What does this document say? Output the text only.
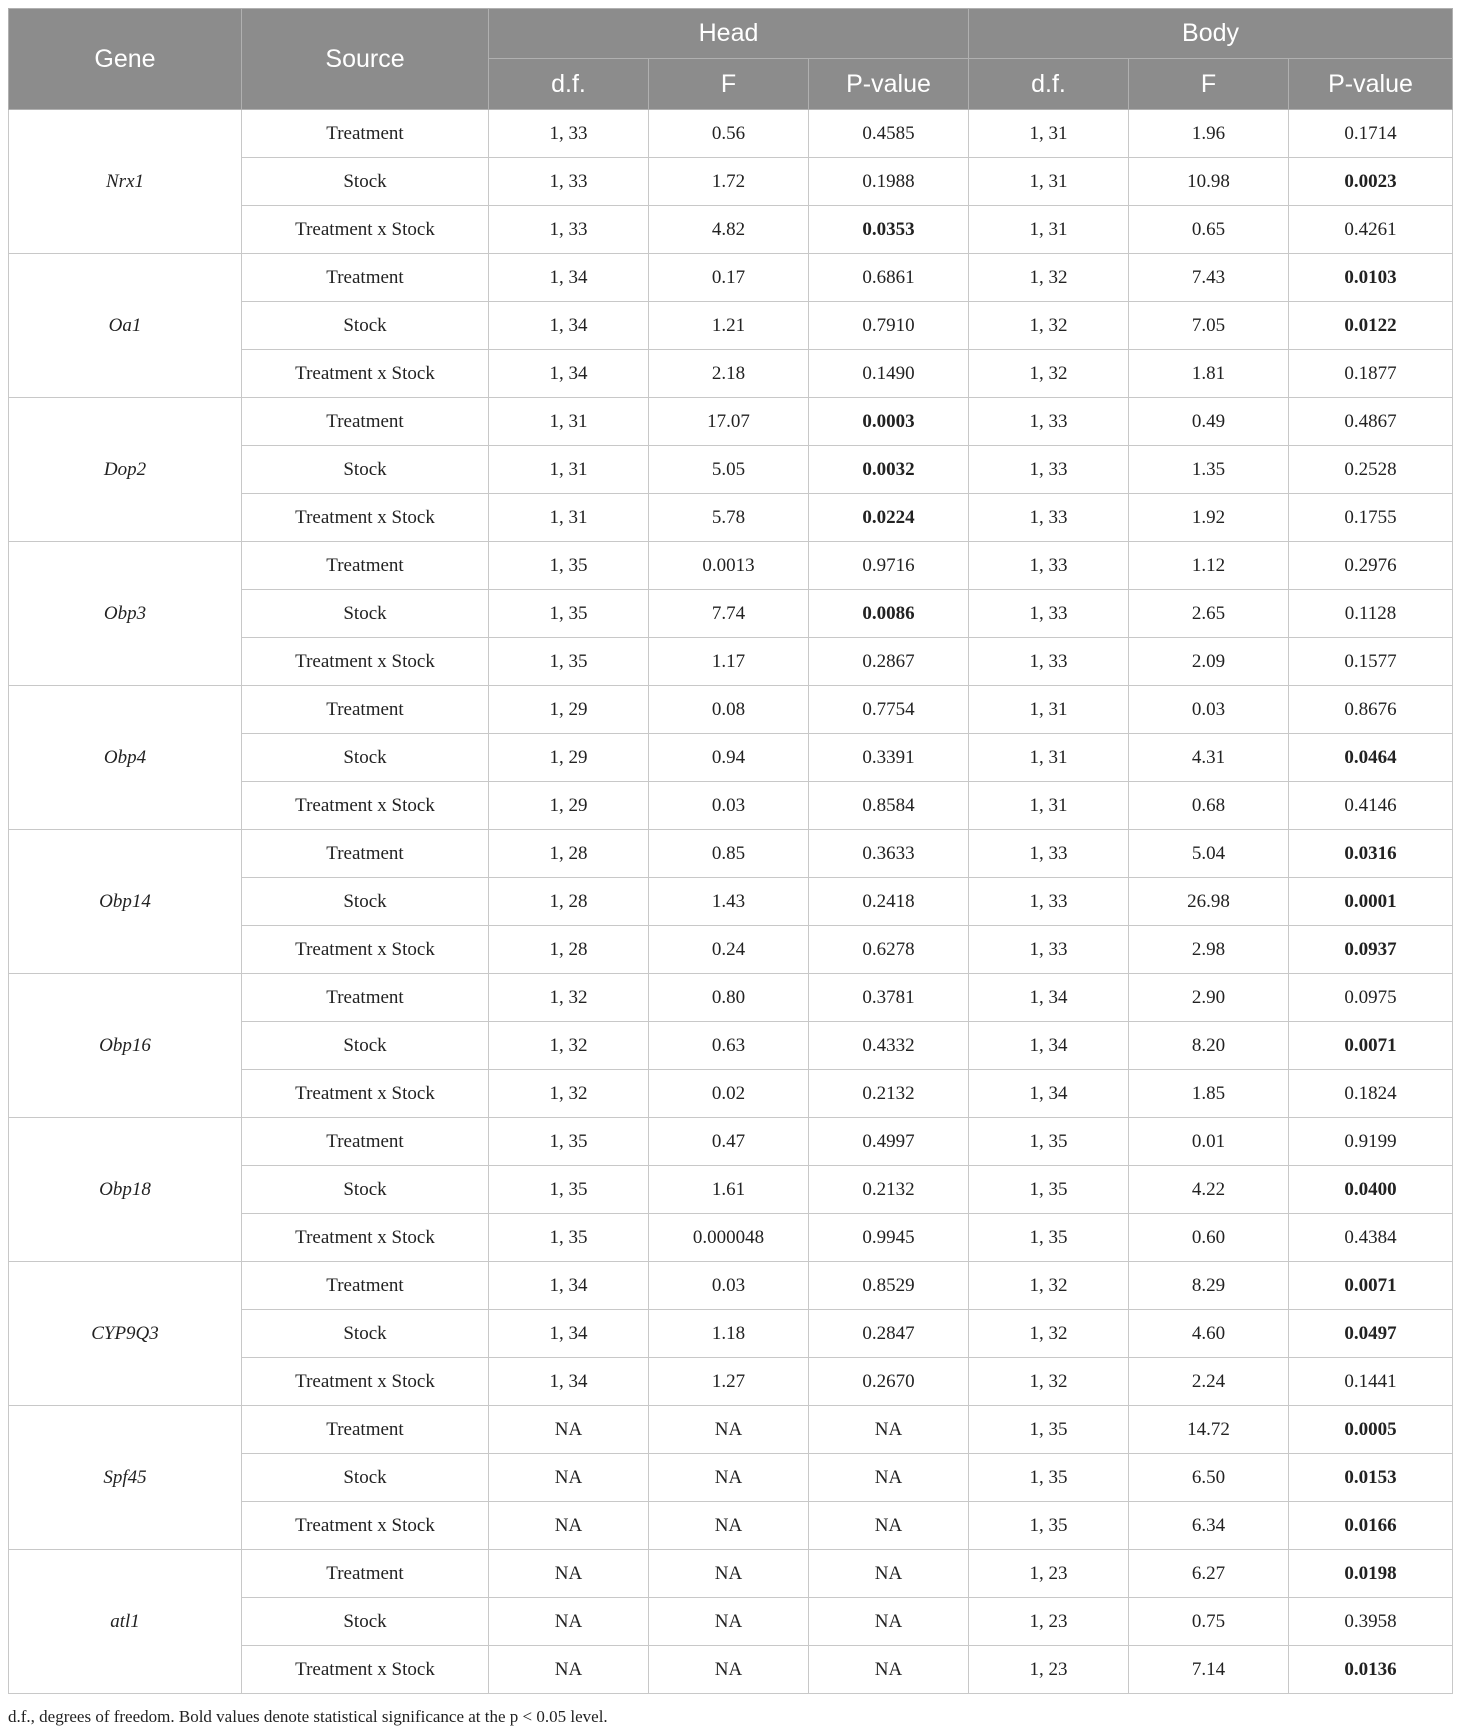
Gene	Source	Head			Body		
		d.f.	F	P-value	d.f.	F	P-value
Nrx1	Treatment	1, 33	0.56	0.4585	1, 31	1.96	0.1714
	Stock	1, 33	1.72	0.1988	1, 31	10.98	0.0023
	Treatment x Stock	1, 33	4.82	0.0353	1, 31	0.65	0.4261
Oa1	Treatment	1, 34	0.17	0.6861	1, 32	7.43	0.0103
	Stock	1, 34	1.21	0.7910	1, 32	7.05	0.0122
	Treatment x Stock	1, 34	2.18	0.1490	1, 32	1.81	0.1877
Dop2	Treatment	1, 31	17.07	0.0003	1, 33	0.49	0.4867
	Stock	1, 31	5.05	0.0032	1, 33	1.35	0.2528
	Treatment x Stock	1, 31	5.78	0.0224	1, 33	1.92	0.1755
Obp3	Treatment	1, 35	0.0013	0.9716	1, 33	1.12	0.2976
	Stock	1, 35	7.74	0.0086	1, 33	2.65	0.1128
	Treatment x Stock	1, 35	1.17	0.2867	1, 33	2.09	0.1577
Obp4	Treatment	1, 29	0.08	0.7754	1, 31	0.03	0.8676
	Stock	1, 29	0.94	0.3391	1, 31	4.31	0.0464
	Treatment x Stock	1, 29	0.03	0.8584	1, 31	0.68	0.4146
Obp14	Treatment	1, 28	0.85	0.3633	1, 33	5.04	0.0316
	Stock	1, 28	1.43	0.2418	1, 33	26.98	0.0001
	Treatment x Stock	1, 28	0.24	0.6278	1, 33	2.98	0.0937
Obp16	Treatment	1, 32	0.80	0.3781	1, 34	2.90	0.0975
	Stock	1, 32	0.63	0.4332	1, 34	8.20	0.0071
	Treatment x Stock	1, 32	0.02	0.2132	1, 34	1.85	0.1824
Obp18	Treatment	1, 35	0.47	0.4997	1, 35	0.01	0.9199
	Stock	1, 35	1.61	0.2132	1, 35	4.22	0.0400
	Treatment x Stock	1, 35	0.000048	0.9945	1, 35	0.60	0.4384
CYP9Q3	Treatment	1, 34	0.03	0.8529	1, 32	8.29	0.0071
	Stock	1, 34	1.18	0.2847	1, 32	4.60	0.0497
	Treatment x Stock	1, 34	1.27	0.2670	1, 32	2.24	0.1441
Spf45	Treatment	NA	NA	NA	1, 35	14.72	0.0005
	Stock	NA	NA	NA	1, 35	6.50	0.0153
	Treatment x Stock	NA	NA	NA	1, 35	6.34	0.0166
atl1	Treatment	NA	NA	NA	1, 23	6.27	0.0198
	Stock	NA	NA	NA	1, 23	0.75	0.3958
	Treatment x Stock	NA	NA	NA	1, 23	7.14	0.0136
d.f., degrees of freedom. Bold values denote statistical significance at the p < 0.05 level.
